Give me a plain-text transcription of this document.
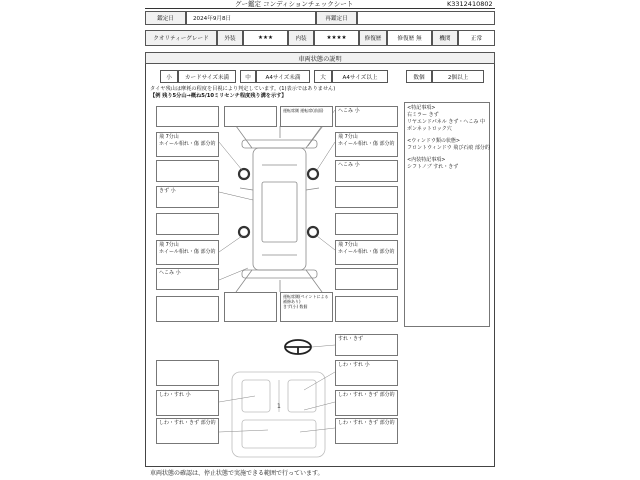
グー鑑定 コンディションチェックシート	K3312410802
鑑定日	2024年9月8日	再鑑定日
クオリティーグレード	外装	★★★	内装	★★★★	修復歴	修復歴 無	機関	正常
車両状態の説明
小	カードサイズ未満	中	A4サイズ未満	大	A4サイズ以上	数個	2個以上
タイヤ残山は摩耗の程度を目視により判定しています。(1)表示ではありません)
【例 残り5分山→概ね5/10ミリセンチ程度残り溝を示す】
飛 7分山
ホイール相れ・傷 部分的
きず 小
飛 7分山
ホイール相れ・傷 部分的
へこみ 小
運転席側 運転席(前面)
運転席側(ペイントによる補修あり)
きず(小) 数個
へこみ 小
飛 7分山
ホイール相れ・傷 部分的
へこみ 小
飛 7分山
ホイール相れ・傷 部分的
<特記事項>
右ミラー きず
リヤエンドパネル きず・へこみ 中
ボンネットロック穴
<ウィンドウ類の状態>
フロントウィンドウ 飛び石痕 部分的
<内装特記事項>
シフトノブ すれ・きず
1
しわ・すれ 小
しわ・すれ・きず 部分的
すれ・きず
しわ・すれ 小
しわ・すれ・きず 部分的
しわ・すれ・きず 部分的
車両状態の確認は、停止状態で実施できる範囲で行っています。
